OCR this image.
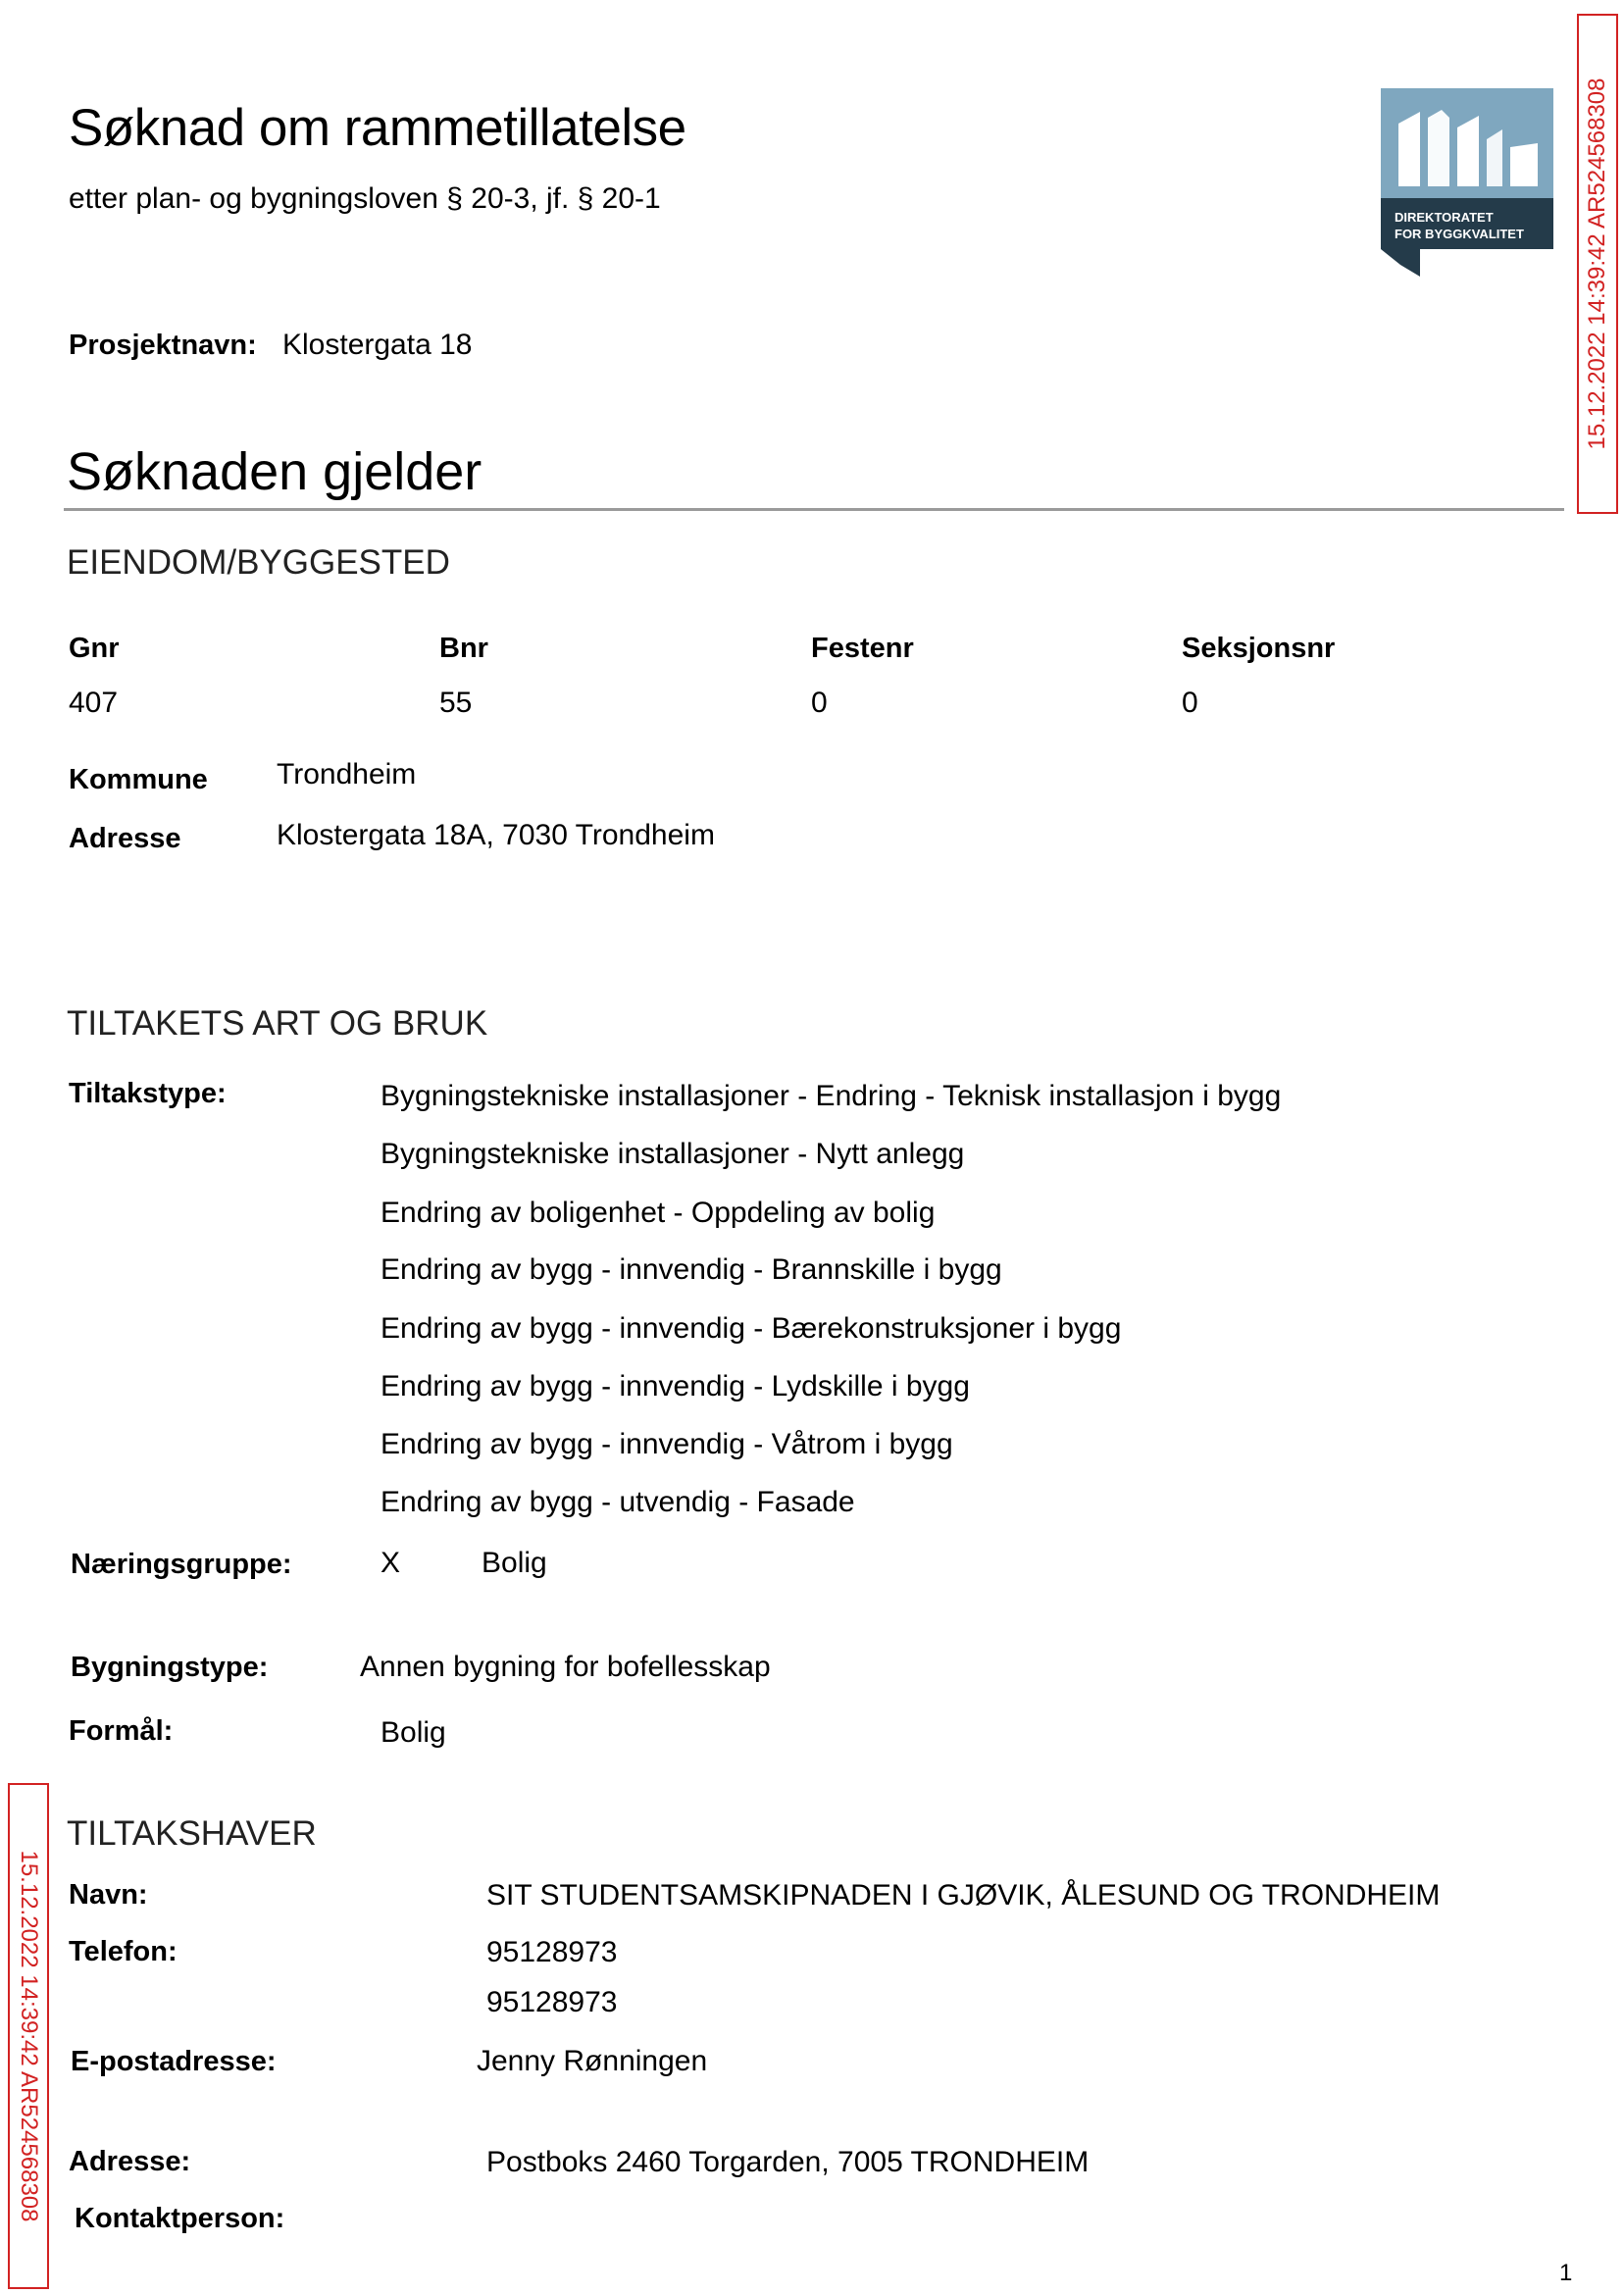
Søknad om rammetillatelse
etter plan- og bygningsloven § 20-3, jf. § 20-1
DIREKTORATET
FOR BYGGKVALITET
Prosjektnavn: Klostergata 18
Søknaden gjelder
EIENDOM/BYGGESTED
Gnr	Bnr	Festenr	Seksjonsnr
407	55	0	0
Kommune Trondheim
Adresse	Klostergata 18A, 7030 Trondheim
TILTAKETS ART OG BRUK
Tiltakstype:	Bygningstekniske installasjoner - Endring - Teknisk installasjon i bygg
Bygningstekniske installasjoner - Nytt anlegg
Endring av boligenhet - Oppdeling av bolig
Endring av bygg - innvendig - Brannskille i bygg
Endring av bygg - innvendig - Bærekonstruksjoner i bygg
Endring av bygg - innvendig - Lydskille i bygg
Endring av bygg - innvendig - Våtrom i bygg
Endring av bygg - utvendig - Fasade
Næringsgruppe:	X	Bolig
Bygningstype:	Annen bygning for bofellesskap
Formål:	Bolig
TILTAKSHAVER
Navn:	SIT STUDENTSAMSKIPNADEN I GJØVIK, ÅLESUND OG TRONDHEIM
Telefon:	95128973
95128973
E-postadresse:	Jenny Rønningen
Adresse:	Postboks 2460 Torgarden, 7005 TRONDHEIM
Kontaktperson:
15.12.2022 14:39:42 AR524568308
15.12.2022 14:39:42 AR524568308
1
